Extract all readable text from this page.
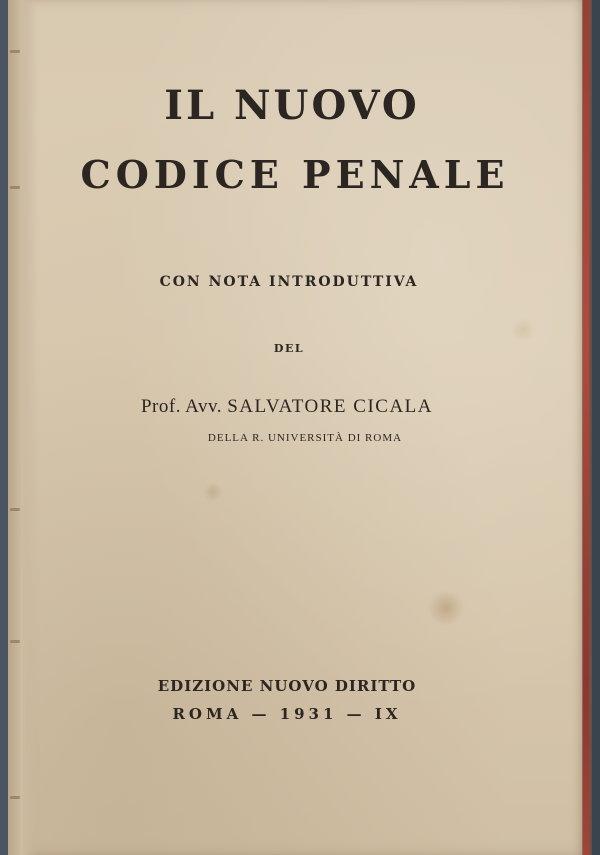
IL NUOVO
CODICE PENALE

CON NOTA INTRODUTTIVA

DEL

Prof. Avv. SALVATORE CICALA

DELLA R. UNIVERSITÀ DI ROMA

EDIZIONE NUOVO DIRITTO

ROMA — 1931 — IX
